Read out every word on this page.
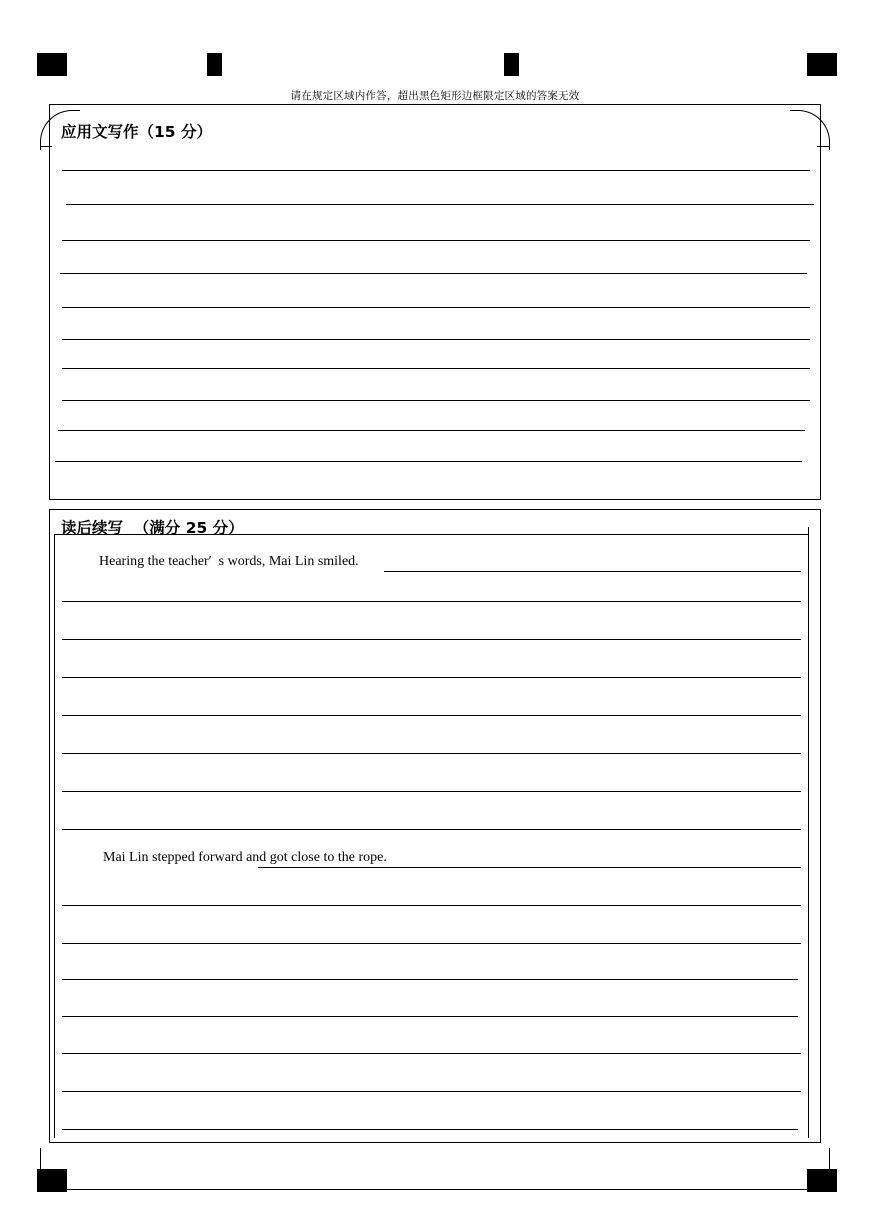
请在规定区域内作答，超出黑色矩形边框限定区域的答案无效
应用文写作（15 分）
读后续写  （满分 25 分）
Hearing the teacher′  s words, Mai Lin smiled.
Mai Lin stepped forward and got close to the rope.
